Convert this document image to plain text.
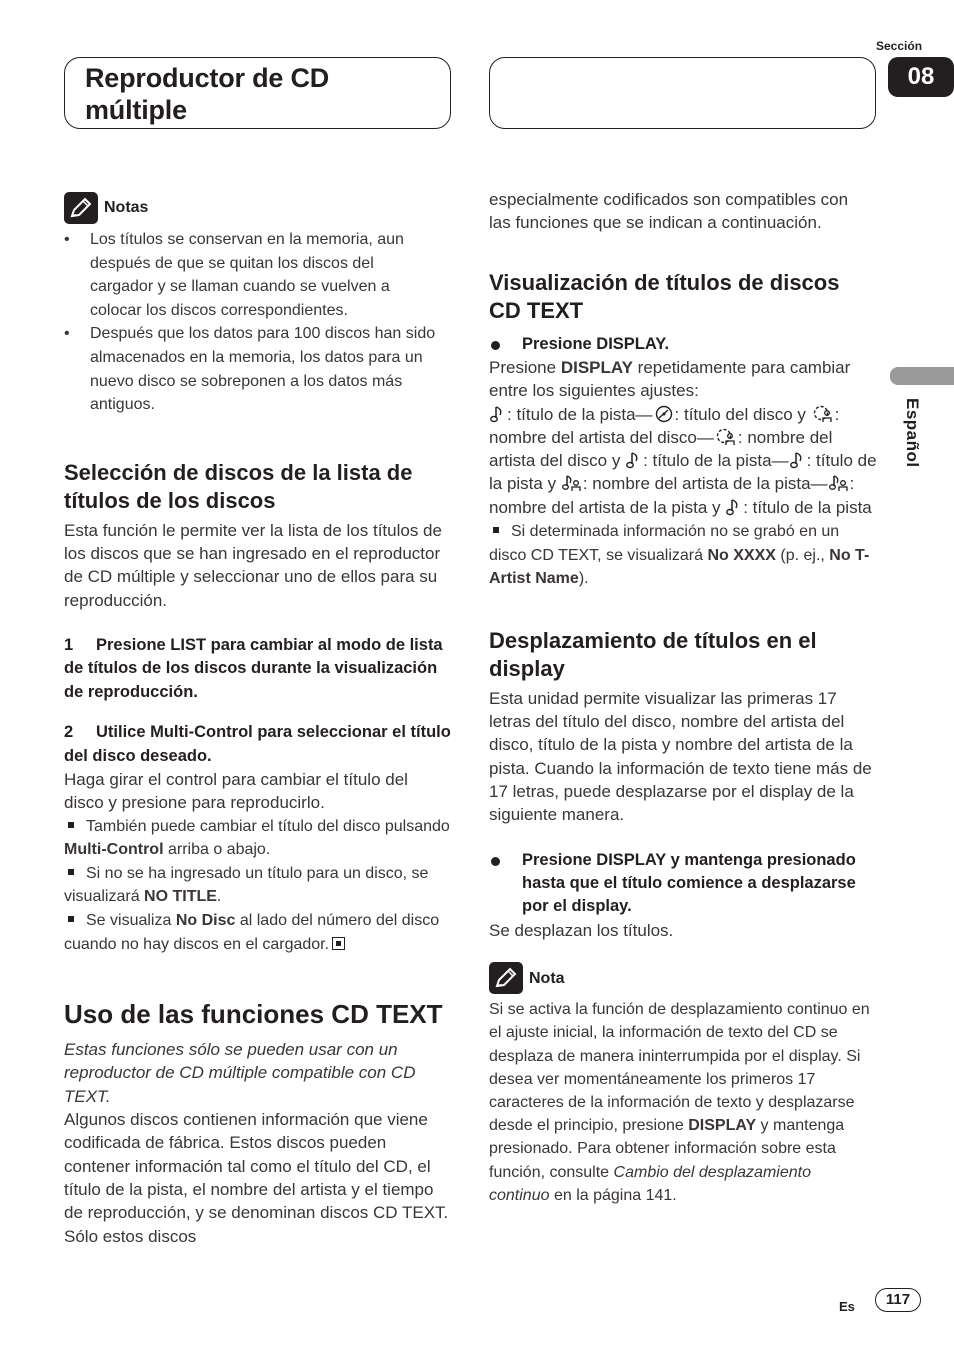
Reproductor de CD múltiple
Sección
08
Español
Notas
• Los títulos se conservan en la memoria, aun después de que se quitan los discos del cargador y se llaman cuando se vuelven a colocar los discos correspondientes.
• Después que los datos para 100 discos han sido almacenados en la memoria, los datos para un nuevo disco se sobreponen a los datos más antiguos.
Selección de discos de la lista de títulos de los discos

Esta función le permite ver la lista de los títulos de los discos que se han ingresado en el reproductor de CD múltiple y seleccionar uno de ellos para su reproducción.

1 Presione LIST para cambiar al modo de lista de títulos de los discos durante la visualización de reproducción.

2 Utilice Multi-Control para seleccionar el título del disco deseado.

Haga girar el control para cambiar el título del disco y presione para reproducirlo.

También puede cambiar el título del disco pulsando Multi-Control arriba o abajo.

Si no se ha ingresado un título para un disco, se visualizará NO TITLE.

Se visualiza No Disc al lado del número del disco cuando no hay discos en el cargador.

Uso de las funciones CD TEXT

Estas funciones sólo se pueden usar con un reproductor de CD múltiple compatible con CD TEXT.

Algunos discos contienen información que viene codificada de fábrica. Estos discos pueden contener información tal como el título del CD, el título de la pista, el nombre del artista y el tiempo de reproducción, y se denominan discos CD TEXT. Sólo estos discos

especialmente codificados son compatibles con las funciones que se indican a continuación.

Visualización de títulos de discos CD TEXT

Presione DISPLAY.

Presione DISPLAY repetidamente para cambiar entre los siguientes ajustes:

: título de la pista— : título del disco y : nombre del artista del disco— : nombre del artista del disco y : título de la pista— : título de la pista y : nombre del artista de la pista— : nombre del artista de la pista y : título de la pista

Si determinada información no se grabó en un disco CD TEXT, se visualizará No XXXX (p. ej., No T-Artist Name).

Desplazamiento de títulos en el display

Esta unidad permite visualizar las primeras 17 letras del título del disco, nombre del artista del disco, título de la pista y nombre del artista de la pista. Cuando la información de texto tiene más de 17 letras, puede desplazarse por el display de la siguiente manera.

Presione DISPLAY y mantenga presionado hasta que el título comience a desplazarse por el display.

Se desplazan los títulos.

Nota

Si se activa la función de desplazamiento continuo en el ajuste inicial, la información de texto del CD se desplaza de manera ininterrumpida por el display. Si desea ver momentáneamente los primeros 17 caracteres de la información de texto y desplazarse desde el principio, presione DISPLAY y mantenga presionado. Para obtener información sobre esta función, consulte Cambio del desplazamiento continuo en la página 141.

Es	117
